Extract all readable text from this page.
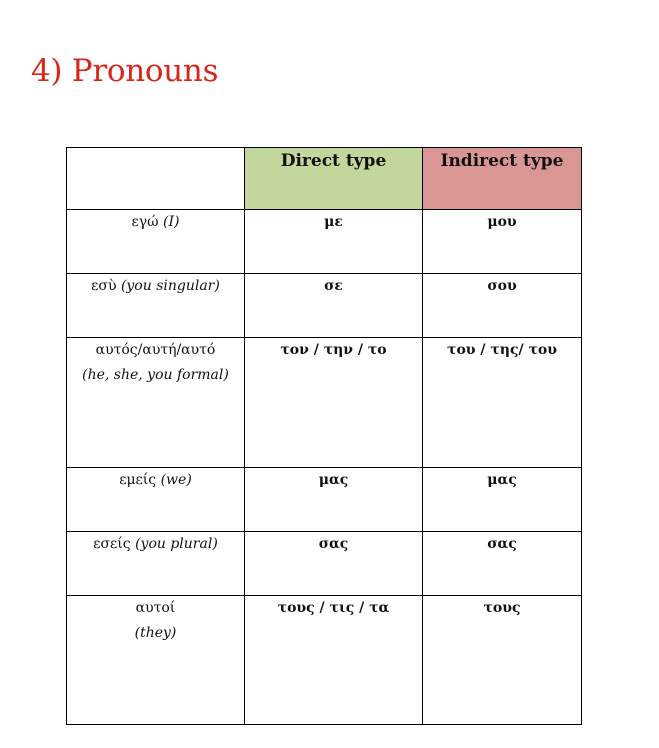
4) Pronouns

	Direct type	Indirect type

εγώ (I)	με	μου
εσὺ (you singular)	σε	σου
αυτός/αυτή/αυτό
(he, she, you formal)	τον / την / το	του / της/ του
εμείς (we)	μας	μας
εσείς (you plural)	σας	σας
αυτοί
(they)	τους / τις / τα	τους
